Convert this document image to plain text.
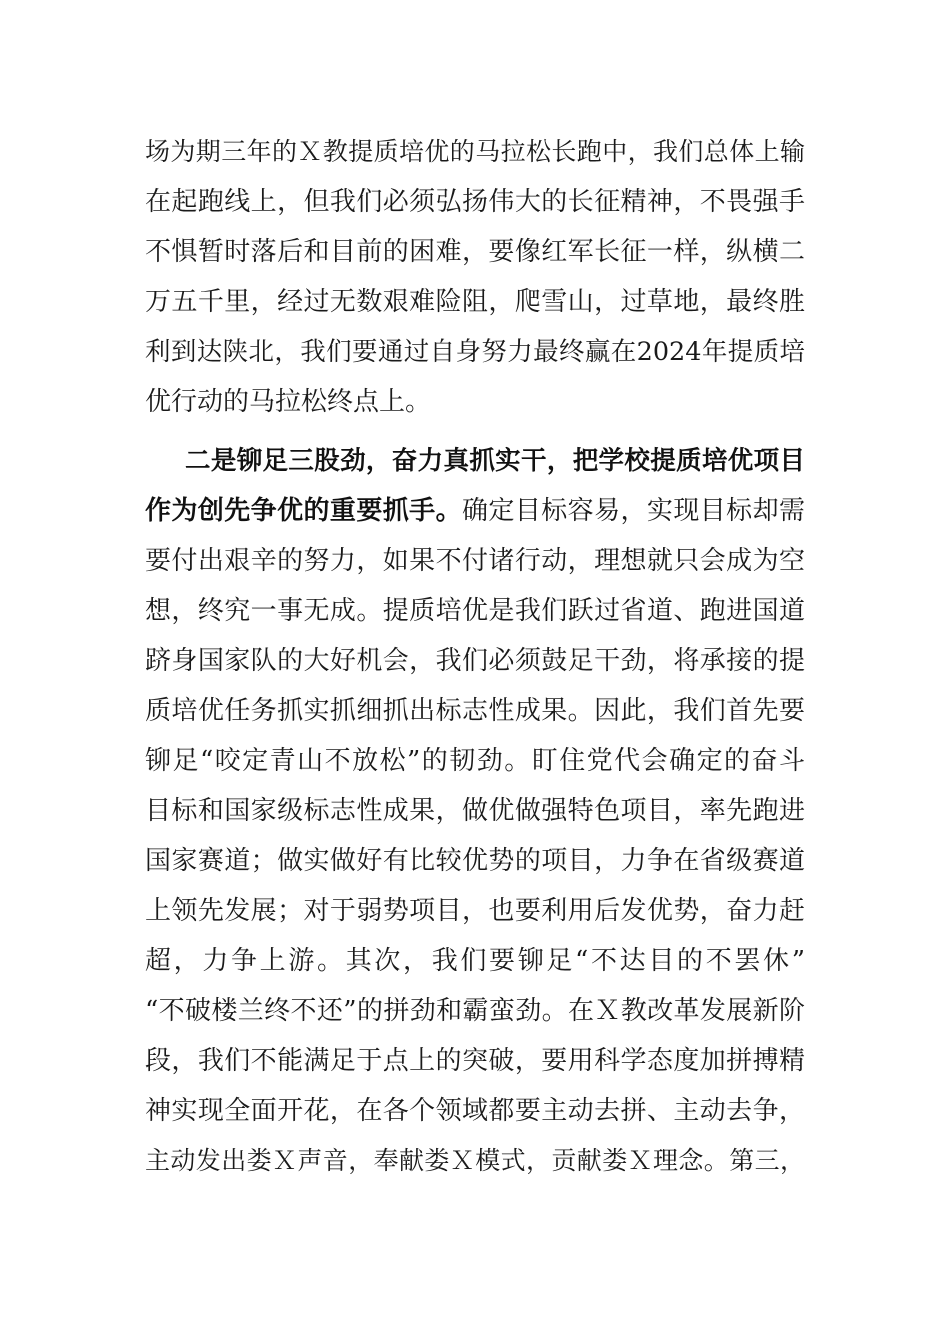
场为期三年的Ｘ教提质培优的马拉松长跑中，我们总体上输
在起跑线上，但我们必须弘扬伟大的长征精神，不畏强手
不惧暂时落后和目前的困难，要像红军长征一样，纵横二
万五千里，经过无数艰难险阻，爬雪山，过草地，最终胜
利到达陕北，我们要通过自身努力最终赢在2024年提质培
优行动的马拉松终点上。
二是铆足三股劲，奋力真抓实干，把学校提质培优项目
作为创先争优的重要抓手。确定目标容易，实现目标却需
要付出艰辛的努力，如果不付诸行动，理想就只会成为空
想，终究一事无成。提质培优是我们跃过省道、跑进国道
跻身国家队的大好机会，我们必须鼓足干劲，将承接的提
质培优任务抓实抓细抓出标志性成果。因此，我们首先要
铆足“咬定青山不放松”的韧劲。盯住党代会确定的奋斗
目标和国家级标志性成果，做优做强特色项目，率先跑进
国家赛道；做实做好有比较优势的项目，力争在省级赛道
上领先发展；对于弱势项目，也要利用后发优势，奋力赶
超，力争上游。其次，我们要铆足“不达目的不罢休”
“不破楼兰终不还”的拼劲和霸蛮劲。在Ｘ教改革发展新阶
段，我们不能满足于点上的突破，要用科学态度加拼搏精
神实现全面开花，在各个领域都要主动去拼、主动去争，
主动发出娄Ｘ声音，奉献娄Ｘ模式，贡献娄Ｘ理念。第三，
